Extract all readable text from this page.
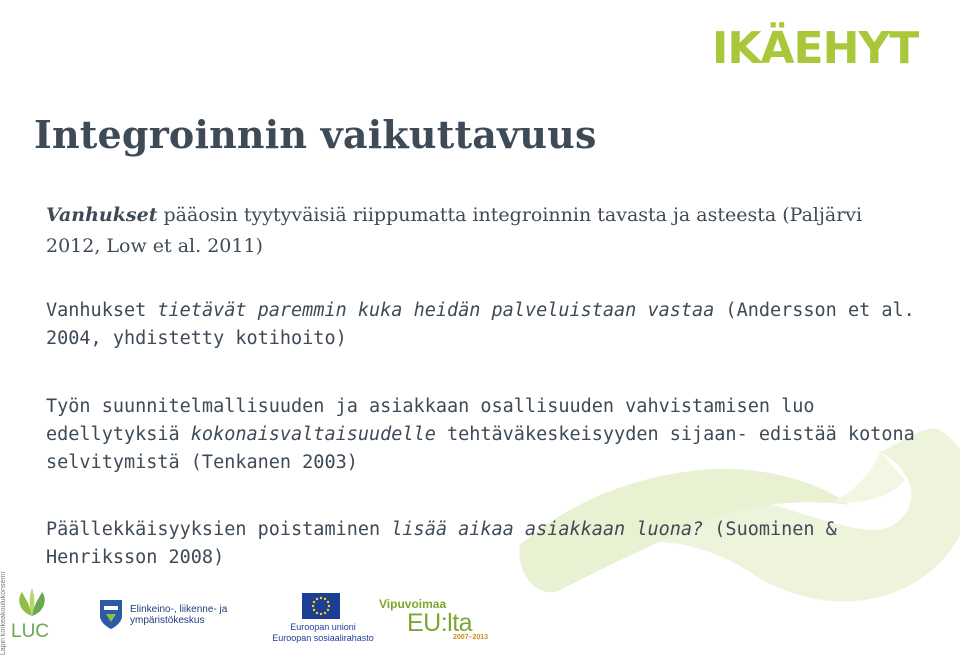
IKÄEHYT
Integroinnin vaikuttavuus

Vanhukset pääosin tyytyväisiä riippumatta integroinnin tavasta ja asteesta (Paljärvi 2012, Low et al. 2011)

Vanhukset tietävät paremmin kuka heidän palveluistaan vastaa (Andersson et al. 2004, yhdistetty kotihoito)

Työn suunnitelmallisuuden ja asiakkaan osallisuuden vahvistamisen luo edellytyksiä kokonaisvaltaisuudelle tehtäväkeskeisyyden sijaan- edistää kotona selvitymistä (Tenkanen 2003)

Päällekkäisyyksien poistaminen lisää aikaa asiakkaan luona? (Suominen & Henriksson 2008)

Lapin korkeakoulukonserni LUC
Elinkeino-, liikenne- ja
ympäristökeskus
Euroopan unioni
Euroopan sosiaalirahasto
Vipuvoimaa
EU:lta
2007–2013
